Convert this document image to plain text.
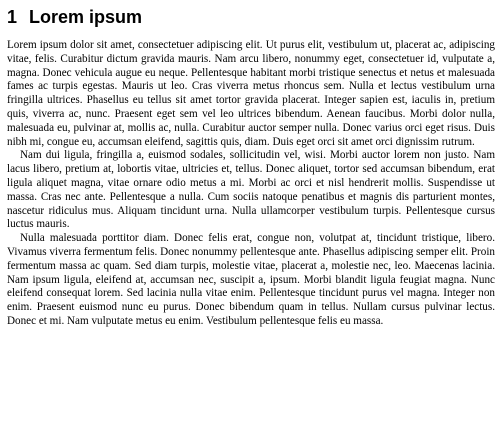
1 Lorem ipsum

Lorem ipsum dolor sit amet, consectetuer adipiscing elit. Ut purus elit, vestibulum ut, placerat ac, adipiscing vitae, felis. Curabitur dictum gravida mauris. Nam arcu libero, nonummy eget, consectetuer id, vulputate a, magna. Donec vehicula augue eu neque. Pellentesque habitant morbi tristique senectus et netus et malesuada fames ac turpis egestas. Mauris ut leo. Cras viverra metus rhoncus sem. Nulla et lectus vestibulum urna fringilla ultrices. Phasellus eu tellus sit amet tortor gravida placerat. Integer sapien est, iaculis in, pretium quis, viverra ac, nunc. Praesent eget sem vel leo ultrices bibendum. Aenean faucibus. Morbi dolor nulla, malesuada eu, pulvinar at, mollis ac, nulla. Curabitur auctor semper nulla. Donec varius orci eget risus. Duis nibh mi, congue eu, accumsan eleifend, sagittis quis, diam. Duis eget orci sit amet orci dignissim rutrum.

Nam dui ligula, fringilla a, euismod sodales, sollicitudin vel, wisi. Morbi auctor lorem non justo. Nam lacus libero, pretium at, lobortis vitae, ultricies et, tellus. Donec aliquet, tortor sed accumsan bibendum, erat ligula aliquet magna, vitae ornare odio metus a mi. Morbi ac orci et nisl hendrerit mollis. Suspendisse ut massa. Cras nec ante. Pellentesque a nulla. Cum sociis natoque penatibus et magnis dis parturient montes, nascetur ridiculus mus. Aliquam tincidunt urna. Nulla ullamcorper vestibulum turpis. Pellentesque cursus luctus mauris.

Nulla malesuada porttitor diam. Donec felis erat, congue non, volutpat at, tincidunt tristique, libero. Vivamus viverra fermentum felis. Donec nonummy pellentesque ante. Phasellus adipiscing semper elit. Proin fermentum massa ac quam. Sed diam turpis, molestie vitae, placerat a, molestie nec, leo. Maecenas lacinia. Nam ipsum ligula, eleifend at, accumsan nec, suscipit a, ipsum. Morbi blandit ligula feugiat magna. Nunc eleifend consequat lorem. Sed lacinia nulla vitae enim. Pellentesque tincidunt purus vel magna. Integer non enim. Praesent euismod nunc eu purus. Donec bibendum quam in tellus. Nullam cursus pulvinar lectus. Donec et mi. Nam vulputate metus eu enim. Vestibulum pellentesque felis eu massa.
